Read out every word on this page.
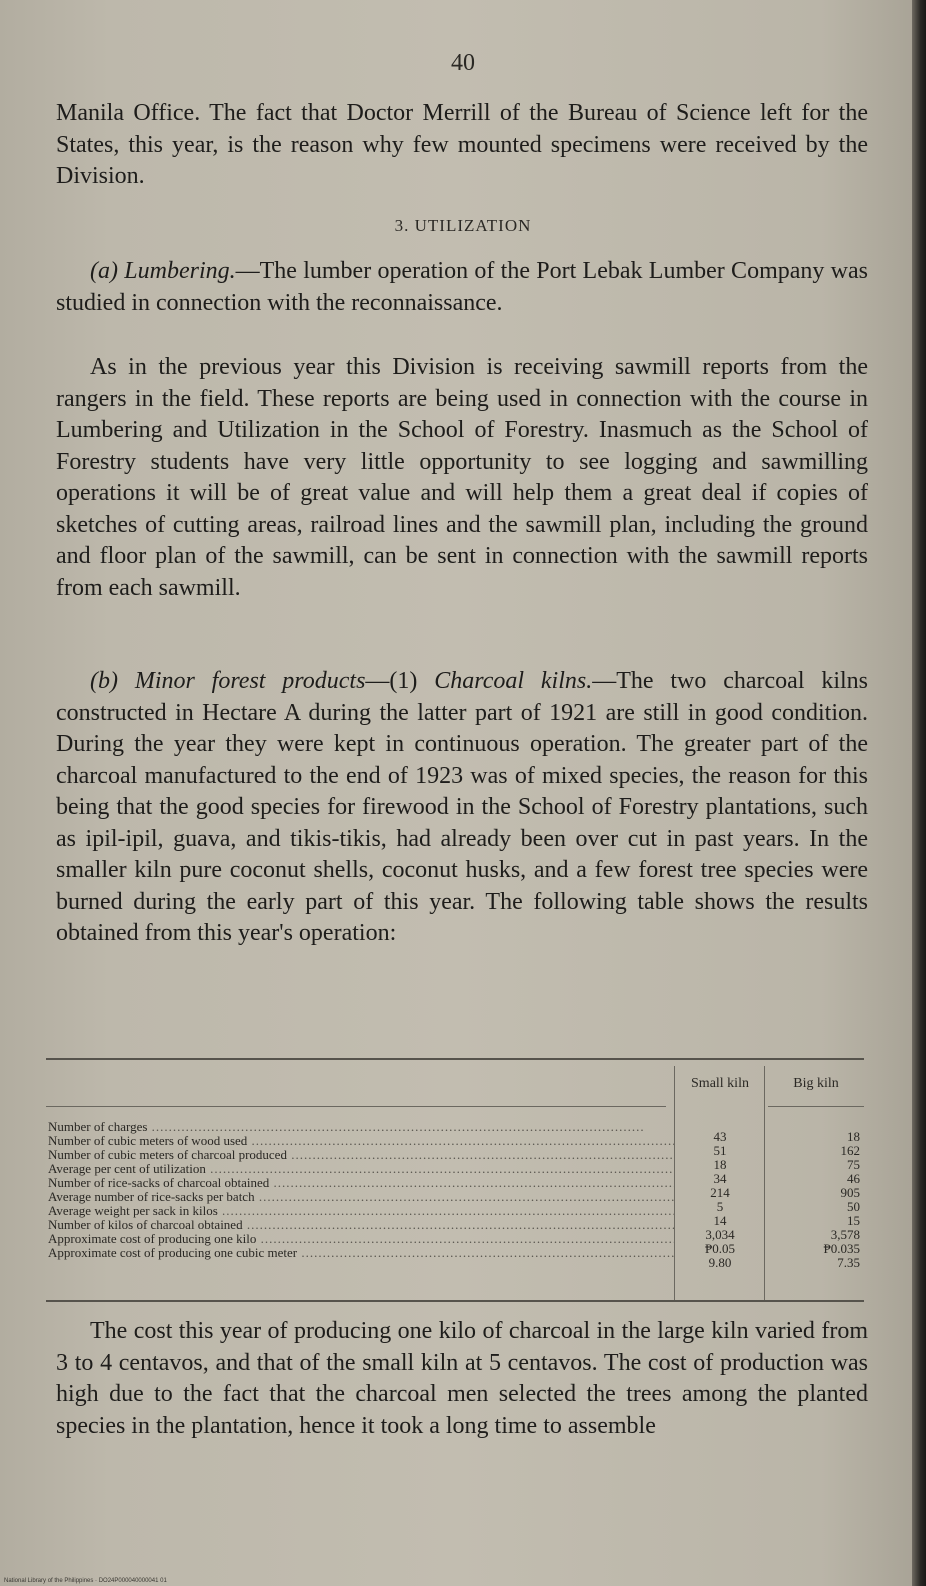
40

Manila Office. The fact that Doctor Merrill of the Bureau of Science left for the States, this year, is the reason why few mounted specimens were received by the Division.

3. UTILIZATION

(a) Lumbering.—The lumber operation of the Port Lebak Lumber Company was studied in connection with the reconnaissance.

As in the previous year this Division is receiving sawmill reports from the rangers in the field. These reports are being used in connection with the course in Lumbering and Utilization in the School of Forestry. Inasmuch as the School of Forestry students have very little opportunity to see logging and sawmilling operations it will be of great value and will help them a great deal if copies of sketches of cutting areas, railroad lines and the sawmill plan, including the ground and floor plan of the sawmill, can be sent in connection with the sawmill reports from each sawmill.

(b) Minor forest products—(1) Charcoal kilns.—The two charcoal kilns constructed in Hectare A during the latter part of 1921 are still in good condition. During the year they were kept in continuous operation. The greater part of the charcoal manufactured to the end of 1923 was of mixed species, the reason for this being that the good species for firewood in the School of Forestry plantations, such as ipil-ipil, guava, and tikis-tikis, had already been over cut in past years. In the smaller kiln pure coconut shells, coconut husks, and a few forest tree species were burned during the early part of this year. The following table shows the results obtained from this year's operation:

Small kiln	Big kiln
Number of charges .....
Number of cubic meters of wood used .....
Number of cubic meters of charcoal produced .....
Average per cent of utilization .....
Number of rice-sacks of charcoal obtained .....
Average number of rice-sacks per batch .....
Average weight per sack in kilos .....
Number of kilos of charcoal obtained .....
Approximate cost of producing one kilo .....
Approximate cost of producing one cubic meter .....
43
51
18
34
214
5
14
3,034
₱0.05
9.80
18
162
75
46
905
50
15
3,578
₱0.035
7.35

The cost this year of producing one kilo of charcoal in the large kiln varied from 3 to 4 centavos, and that of the small kiln at 5 centavos. The cost of production was high due to the fact that the charcoal men selected the trees among the planted species in the plantation, hence it took a long time to assemble

National Library of the Philippines · DO24P000040000041 01
